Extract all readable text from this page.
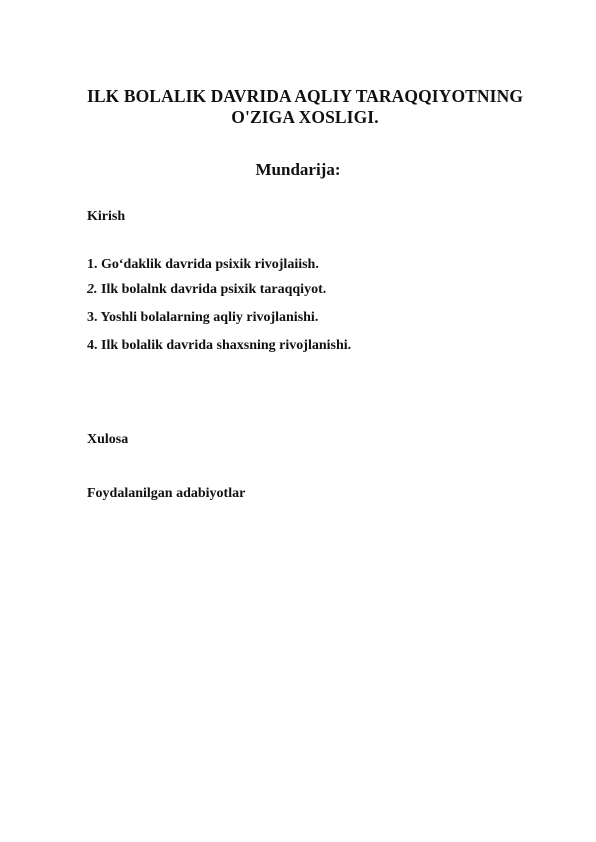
ILK BOLALIK DAVRIDA AQLIY TARAQQIYOTNING
O'ZIGA XOSLIGI.
Mundarija:
Kirish
1. Go‘daklik davrida psixik rivojlaiish.
2. Ilk bolalnk davrida psixik taraqqiyot.
3. Yoshli bolalarning aqliy rivojlanishi.
4. Ilk bolalik davrida shaxsning rivojlanishi.
Xulosa
Foydalanilgan adabiyotlar
